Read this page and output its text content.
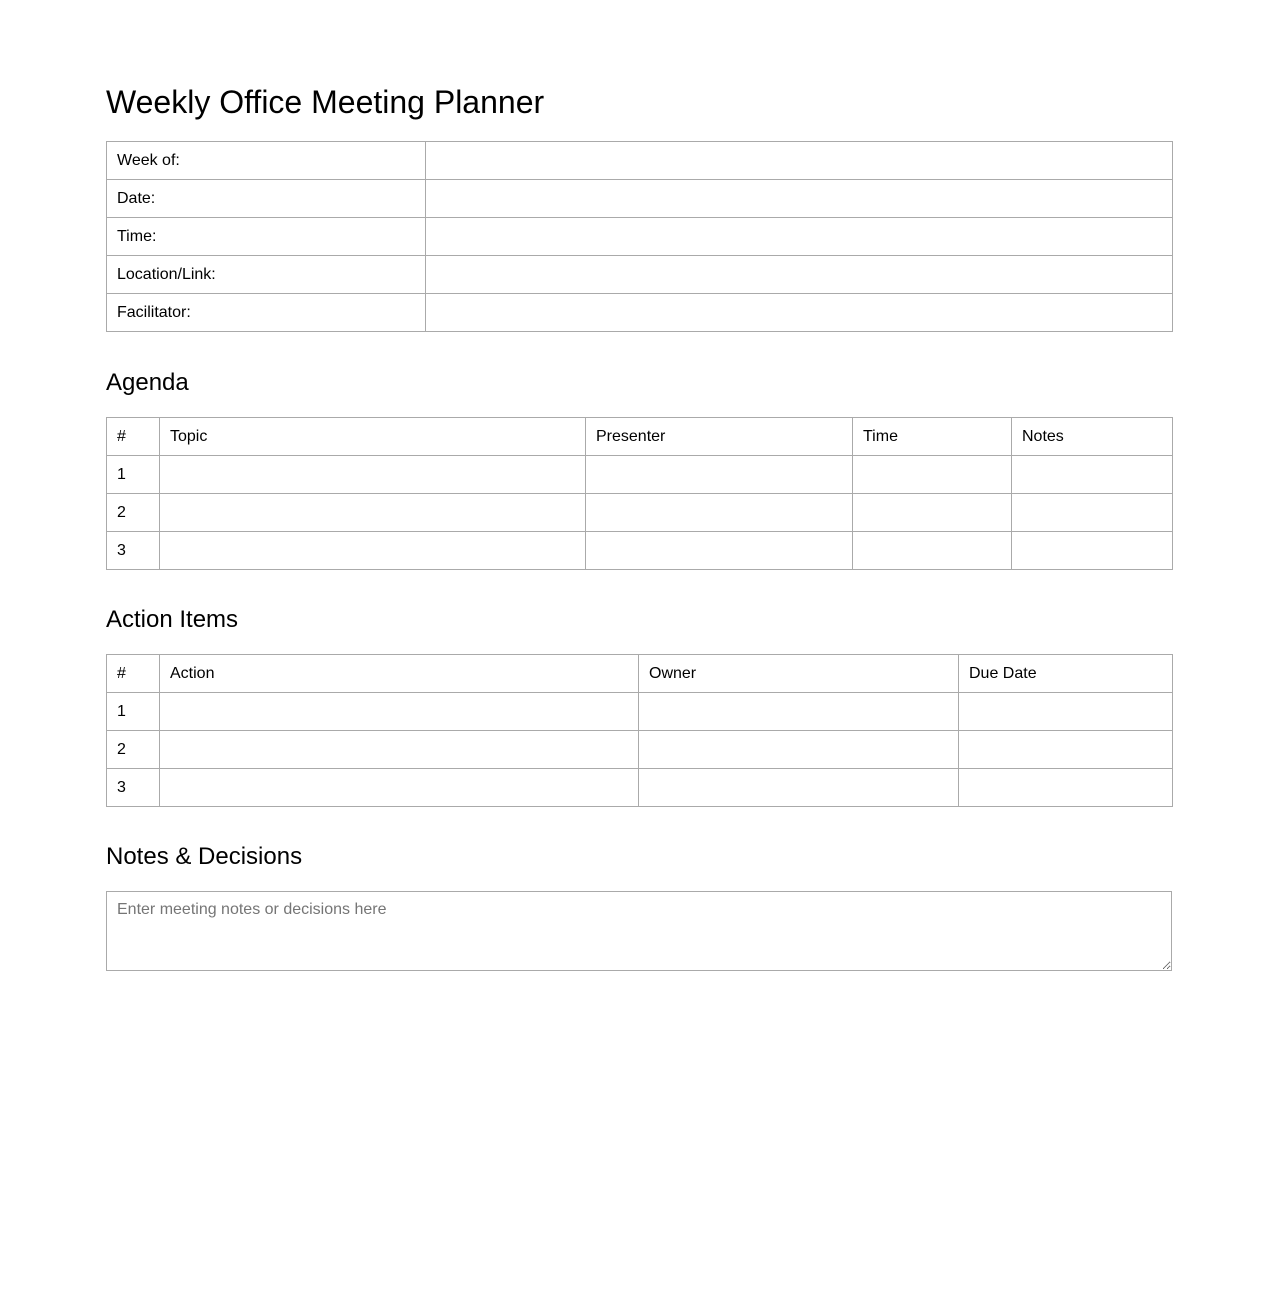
Weekly Office Meeting Planner
Week of:	
Date:	
Time:	
Location/Link:	
Facilitator:	
Agenda
#	Topic	Presenter	Time	Notes
1				
2				
3				
Action Items
#	Action	Owner	Due Date
1			
2			
3			
Notes & Decisions
Enter meeting notes or decisions here
